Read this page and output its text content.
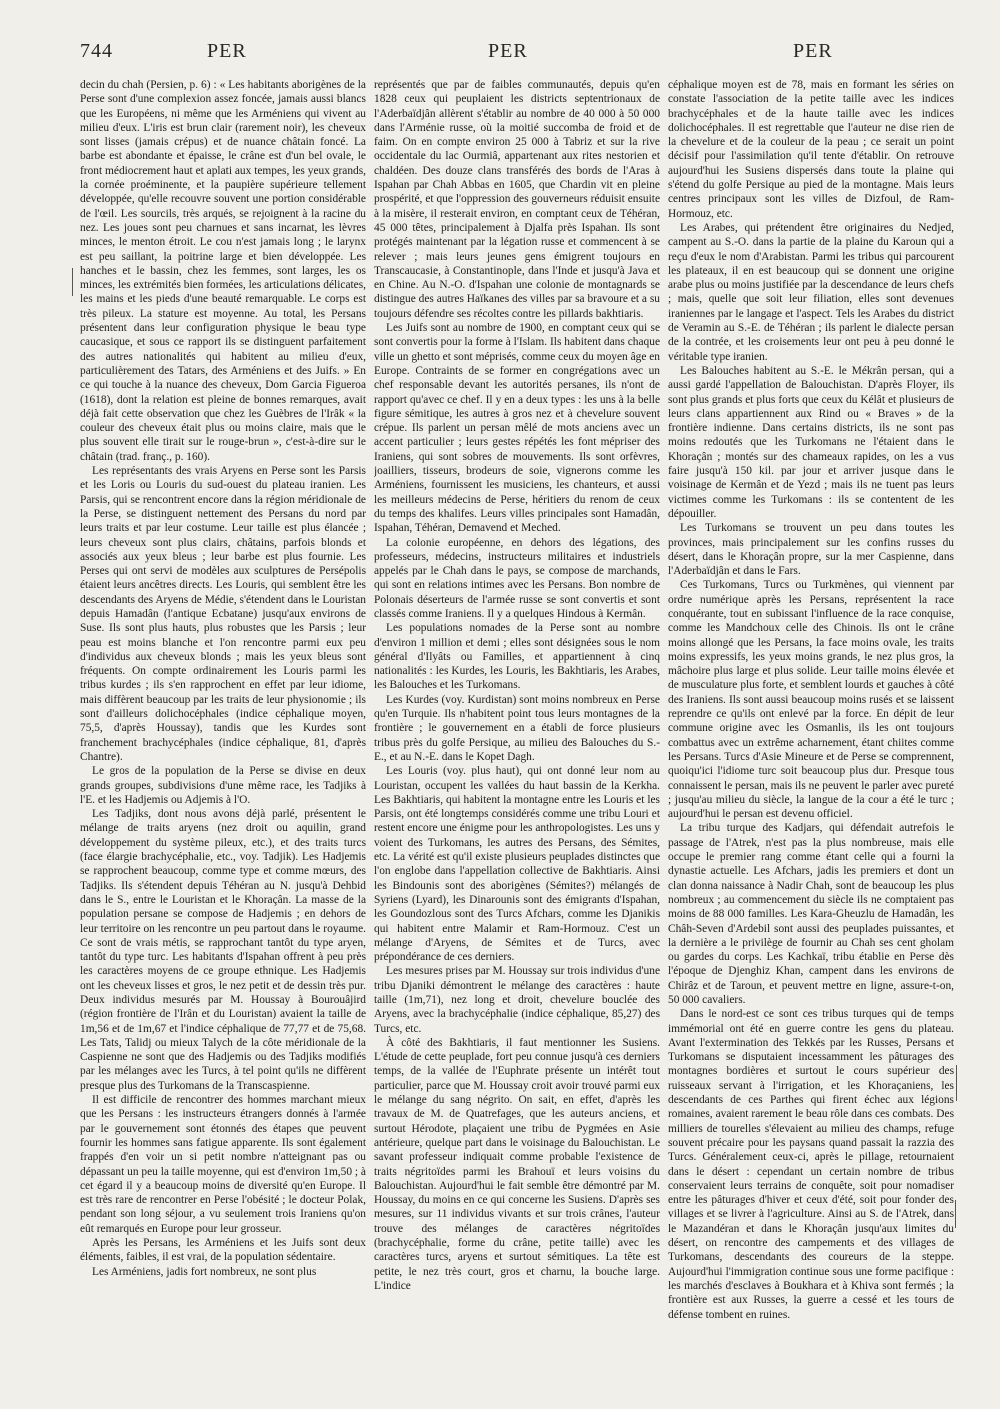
744	PER	PER	PER

decin du chah (Persien, p. 6) : « Les habitants aborigènes de la Perse sont d'une complexion assez foncée, jamais aussi blancs que les Européens, ni même que les Arméniens qui vivent au milieu d'eux. L'iris est brun clair (rarement noir), les cheveux sont lisses (jamais crépus) et de nuance châtain foncé. La barbe est abondante et épaisse, le crâne est d'un bel ovale, le front médiocrement haut et aplati aux tempes, les yeux grands, la cornée proéminente, et la paupière supérieure tellement développée, qu'elle recouvre souvent une portion considérable de l'œil. Les sourcils, très arqués, se rejoignent à la racine du nez. Les joues sont peu charnues et sans incarnat, les lèvres minces, le menton étroit. Le cou n'est jamais long ; le larynx est peu saillant, la poitrine large et bien développée. Les hanches et le bassin, chez les femmes, sont larges, les os minces, les extrémités bien formées, les articulations délicates, les mains et les pieds d'une beauté remarquable. Le corps est très pileux. La stature est moyenne. Au total, les Persans présentent dans leur configuration physique le beau type caucasique, et sous ce rapport ils se distinguent parfaitement des autres nationalités qui habitent au milieu d'eux, particulièrement des Tatars, des Arméniens et des Juifs. » En ce qui touche à la nuance des cheveux, Dom Garcia Figueroa (1618), dont la relation est pleine de bonnes remarques, avait déjà fait cette observation que chez les Guèbres de l'Irâk « la couleur des cheveux était plus ou moins claire, mais que le plus souvent elle tirait sur le rouge-brun », c'est-à-dire sur le châtain (trad. franç., p. 160).

Les représentants des vrais Aryens en Perse sont les Parsis et les Loris ou Louris du sud-ouest du plateau iranien. Les Parsis, qui se rencontrent encore dans la région méridionale de la Perse, se distinguent nettement des Persans du nord par leurs traits et par leur costume. Leur taille est plus élancée ; leurs cheveux sont plus clairs, châtains, parfois blonds et associés aux yeux bleus ; leur barbe est plus fournie. Les Perses qui ont servi de modèles aux sculptures de Persépolis étaient leurs ancêtres directs. Les Louris, qui semblent être les descendants des Aryens de Médie, s'étendent dans le Louristan depuis Hamadân (l'antique Ecbatane) jusqu'aux environs de Suse. Ils sont plus hauts, plus robustes que les Parsis ; leur peau est moins blanche et l'on rencontre parmi eux peu d'individus aux cheveux blonds ; mais les yeux bleus sont fréquents. On compte ordinairement les Louris parmi les tribus kurdes ; ils s'en rapprochent en effet par leur idiome, mais diffèrent beaucoup par les traits de leur physionomie ; ils sont d'ailleurs dolichocéphales (indice céphalique moyen, 75,5, d'après Houssay), tandis que les Kurdes sont franchement brachycéphales (indice céphalique, 81, d'après Chantre).

Le gros de la population de la Perse se divise en deux grands groupes, subdivisions d'une même race, les Tadjiks à l'E. et les Hadjemis ou Adjemis à l'O.

Les Tadjiks, dont nous avons déjà parlé, présentent le mélange de traits aryens (nez droit ou aquilin, grand développement du système pileux, etc.), et des traits turcs (face élargie brachycéphalie, etc., voy. Tadjik). Les Hadjemis se rapprochent beaucoup, comme type et comme mœurs, des Tadjiks. Ils s'étendent depuis Téhéran au N. jusqu'à Dehbid dans le S., entre le Louristan et le Khoraçân. La masse de la population persane se compose de Hadjemis ; en dehors de leur territoire on les rencontre un peu partout dans le royaume. Ce sont de vrais métis, se rapprochant tantôt du type aryen, tantôt du type turc. Les habitants d'Ispahan offrent à peu près les caractères moyens de ce groupe ethnique. Les Hadjemis ont les cheveux lisses et gros, le nez petit et de dessin très pur. Deux individus mesurés par M. Houssay à Bourouâjird (région frontière de l'Irân et du Louristan) avaient la taille de 1m,56 et de 1m,67 et l'indice céphalique de 77,77 et de 75,68. Les Tats, Talidj ou mieux Talych de la côte méridionale de la Caspienne ne sont que des Hadjemis ou des Tadjiks modifiés par les mélanges avec les Turcs, à tel point qu'ils ne diffèrent presque plus des Turkomans de la Transcaspienne.

Il est difficile de rencontrer des hommes marchant mieux que les Persans : les instructeurs étrangers donnés à l'armée par le gouvernement sont étonnés des étapes que peuvent fournir les hommes sans fatigue apparente. Ils sont également frappés d'en voir un si petit nombre n'atteignant pas ou dépassant un peu la taille moyenne, qui est d'environ 1m,50 ; à cet égard il y a beaucoup moins de diversité qu'en Europe. Il est très rare de rencontrer en Perse l'obésité ; le docteur Polak, pendant son long séjour, a vu seulement trois Iraniens qu'on eût remarqués en Europe pour leur grosseur.

Après les Persans, les Arméniens et les Juifs sont deux éléments, faibles, il est vrai, de la population sédentaire.

Les Arméniens, jadis fort nombreux, ne sont plus

représentés que par de faibles communautés, depuis qu'en 1828 ceux qui peuplaient les districts septentrionaux de l'Aderbaïdjân allèrent s'établir au nombre de 40 000 à 50 000 dans l'Arménie russe, où la moitié succomba de froid et de faim. On en compte environ 25 000 à Tabriz et sur la rive occidentale du lac Ourmiâ, appartenant aux rites nestorien et chaldéen. Des douze clans transférés des bords de l'Aras à Ispahan par Chah Abbas en 1605, que Chardin vit en pleine prospérité, et que l'oppression des gouverneurs réduisit ensuite à la misère, il resterait environ, en comptant ceux de Téhéran, 45 000 têtes, principalement à Djalfa près Ispahan. Ils sont protégés maintenant par la légation russe et commencent à se relever ; mais leurs jeunes gens émigrent toujours en Transcaucasie, à Constantinople, dans l'Inde et jusqu'à Java et en Chine. Au N.-O. d'Ispahan une colonie de montagnards se distingue des autres Haïkanes des villes par sa bravoure et a su toujours défendre ses récoltes contre les pillards bakhtiaris.

Les Juifs sont au nombre de 1900, en comptant ceux qui se sont convertis pour la forme à l'Islam. Ils habitent dans chaque ville un ghetto et sont méprisés, comme ceux du moyen âge en Europe. Contraints de se former en congrégations avec un chef responsable devant les autorités persanes, ils n'ont de rapport qu'avec ce chef. Il y en a deux types : les uns à la belle figure sémitique, les autres à gros nez et à chevelure souvent crépue. Ils parlent un persan mêlé de mots anciens avec un accent particulier ; leurs gestes répétés les font mépriser des Iraniens, qui sont sobres de mouvements. Ils sont orfèvres, joailliers, tisseurs, brodeurs de soie, vignerons comme les Arméniens, fournissent les musiciens, les chanteurs, et aussi les meilleurs médecins de Perse, héritiers du renom de ceux du temps des khalifes. Leurs villes principales sont Hamadân, Ispahan, Téhéran, Demavend et Meched.

La colonie européenne, en dehors des légations, des professeurs, médecins, instructeurs militaires et industriels appelés par le Chah dans le pays, se compose de marchands, qui sont en relations intimes avec les Persans. Bon nombre de Polonais déserteurs de l'armée russe se sont convertis et sont classés comme Iraniens. Il y a quelques Hindous à Kermân.

Les populations nomades de la Perse sont au nombre d'environ 1 million et demi ; elles sont désignées sous le nom général d'Ilyâts ou Familles, et appartiennent à cinq nationalités : les Kurdes, les Louris, les Bakhtiaris, les Arabes, les Balouches et les Turkomans.

Les Kurdes (voy. Kurdistan) sont moins nombreux en Perse qu'en Turquie. Ils n'habitent point tous leurs montagnes de la frontière ; le gouvernement en a établi de force plusieurs tribus près du golfe Persique, au milieu des Balouches du S.-E., et au N.-E. dans le Kopet Dagh.

Les Louris (voy. plus haut), qui ont donné leur nom au Louristan, occupent les vallées du haut bassin de la Kerkha. Les Bakhtiaris, qui habitent la montagne entre les Louris et les Parsis, ont été longtemps considérés comme une tribu Louri et restent encore une énigme pour les anthropologistes. Les uns y voient des Turkomans, les autres des Persans, des Sémites, etc. La vérité est qu'il existe plusieurs peuplades distinctes que l'on englobe dans l'appellation collective de Bakhtiaris. Ainsi les Bindounis sont des aborigènes (Sémites?) mélangés de Syriens (Lyard), les Dinarounis sont des émigrants d'Ispahan, les Goundozlous sont des Turcs Afchars, comme les Djanikis qui habitent entre Malamir et Ram-Hormouz. C'est un mélange d'Aryens, de Sémites et de Turcs, avec prépondérance de ces derniers.

Les mesures prises par M. Houssay sur trois individus d'une tribu Djaniki démontrent le mélange des caractères : haute taille (1m,71), nez long et droit, chevelure bouclée des Aryens, avec la brachycéphalie (indice céphalique, 85,27) des Turcs, etc.

À côté des Bakhtiaris, il faut mentionner les Susiens. L'étude de cette peuplade, fort peu connue jusqu'à ces derniers temps, de la vallée de l'Euphrate présente un intérêt tout particulier, parce que M. Houssay croit avoir trouvé parmi eux le mélange du sang négrito. On sait, en effet, d'après les travaux de M. de Quatrefages, que les auteurs anciens, et surtout Hérodote, plaçaient une tribu de Pygmées en Asie antérieure, quelque part dans le voisinage du Balouchistan. Le savant professeur indiquait comme probable l'existence de traits négritoïdes parmi les Brahouï et leurs voisins du Balouchistan. Aujourd'hui le fait semble être démontré par M. Houssay, du moins en ce qui concerne les Susiens. D'après ses mesures, sur 11 individus vivants et sur trois crânes, l'auteur trouve des mélanges de caractères négritoïdes (brachycéphalie, forme du crâne, petite taille) avec les caractères turcs, aryens et surtout sémitiques. La tête est petite, le nez très court, gros et charnu, la bouche large. L'indice

céphalique moyen est de 78, mais en formant les séries on constate l'association de la petite taille avec les indices brachycéphales et de la haute taille avec les indices dolichocéphales. Il est regrettable que l'auteur ne dise rien de la chevelure et de la couleur de la peau ; ce serait un point décisif pour l'assimilation qu'il tente d'établir. On retrouve aujourd'hui les Susiens dispersés dans toute la plaine qui s'étend du golfe Persique au pied de la montagne. Mais leurs centres principaux sont les villes de Dizfoul, de Ram-Hormouz, etc.

Les Arabes, qui prétendent être originaires du Nedjed, campent au S.-O. dans la partie de la plaine du Karoun qui a reçu d'eux le nom d'Arabistan. Parmi les tribus qui parcourent les plateaux, il en est beaucoup qui se donnent une origine arabe plus ou moins justifiée par la descendance de leurs chefs ; mais, quelle que soit leur filiation, elles sont devenues iraniennes par le langage et l'aspect. Tels les Arabes du district de Veramin au S.-E. de Téhéran ; ils parlent le dialecte persan de la contrée, et les croisements leur ont peu à peu donné le véritable type iranien.

Les Balouches habitent au S.-E. le Mékrân persan, qui a aussi gardé l'appellation de Balouchistan. D'après Floyer, ils sont plus grands et plus forts que ceux du Kélât et plusieurs de leurs clans appartiennent aux Rind ou « Braves » de la frontière indienne. Dans certains districts, ils ne sont pas moins redoutés que les Turkomans ne l'étaient dans le Khoraçân ; montés sur des chameaux rapides, on les a vus faire jusqu'à 150 kil. par jour et arriver jusque dans le voisinage de Kermân et de Yezd ; mais ils ne tuent pas leurs victimes comme les Turkomans : ils se contentent de les dépouiller.

Les Turkomans se trouvent un peu dans toutes les provinces, mais principalement sur les confins russes du désert, dans le Khoraçân propre, sur la mer Caspienne, dans l'Aderbaïdjân et dans le Fars.

Ces Turkomans, Turcs ou Turkmènes, qui viennent par ordre numérique après les Persans, représentent la race conquérante, tout en subissant l'influence de la race conquise, comme les Mandchoux celle des Chinois. Ils ont le crâne moins allongé que les Persans, la face moins ovale, les traits moins expressifs, les yeux moins grands, le nez plus gros, la mâchoire plus large et plus solide. Leur taille moins élevée et de musculature plus forte, et semblent lourds et gauches à côté des Iraniens. Ils sont aussi beaucoup moins rusés et se laissent reprendre ce qu'ils ont enlevé par la force. En dépit de leur commune origine avec les Osmanlis, ils les ont toujours combattus avec un extrême acharnement, étant chiites comme les Persans. Turcs d'Asie Mineure et de Perse se comprennent, quoiqu'ici l'idiome turc soit beaucoup plus dur. Presque tous connaissent le persan, mais ils ne peuvent le parler avec pureté ; jusqu'au milieu du siècle, la langue de la cour a été le turc ; aujourd'hui le persan est devenu officiel.

La tribu turque des Kadjars, qui défendait autrefois le passage de l'Atrek, n'est pas la plus nombreuse, mais elle occupe le premier rang comme étant celle qui a fourni la dynastie actuelle. Les Afchars, jadis les premiers et dont un clan donna naissance à Nadir Chah, sont de beaucoup les plus nombreux ; au commencement du siècle ils ne comptaient pas moins de 88 000 familles. Les Kara-Gheuzlu de Hamadân, les Châh-Seven d'Ardebil sont aussi des peuplades puissantes, et la dernière a le privilège de fournir au Chah ses cent gholam ou gardes du corps. Les Kachkaï, tribu établie en Perse dès l'époque de Djenghiz Khan, campent dans les environs de Chirâz et de Taroun, et peuvent mettre en ligne, assure-t-on, 50 000 cavaliers.

Dans le nord-est ce sont ces tribus turques qui de temps immémorial ont été en guerre contre les gens du plateau. Avant l'extermination des Tekkés par les Russes, Persans et Turkomans se disputaient incessamment les pâturages des montagnes bordières et surtout le cours supérieur des ruisseaux servant à l'irrigation, et les Khoraçaniens, les descendants de ces Parthes qui firent échec aux légions romaines, avaient rarement le beau rôle dans ces combats. Des milliers de tourelles s'élevaient au milieu des champs, refuge souvent précaire pour les paysans quand passait la razzia des Turcs. Généralement ceux-ci, après le pillage, retournaient dans le désert : cependant un certain nombre de tribus conservaient leurs terrains de conquête, soit pour nomadiser entre les pâturages d'hiver et ceux d'été, soit pour fonder des villages et se livrer à l'agriculture. Ainsi au S. de l'Atrek, dans le Mazandéran et dans le Khoraçân jusqu'aux limites du désert, on rencontre des campements et des villages de Turkomans, descendants des coureurs de la steppe. Aujourd'hui l'immigration continue sous une forme pacifique : les marchés d'esclaves à Boukhara et à Khiva sont fermés ; la frontière est aux Russes, la guerre a cessé et les tours de défense tombent en ruines.
